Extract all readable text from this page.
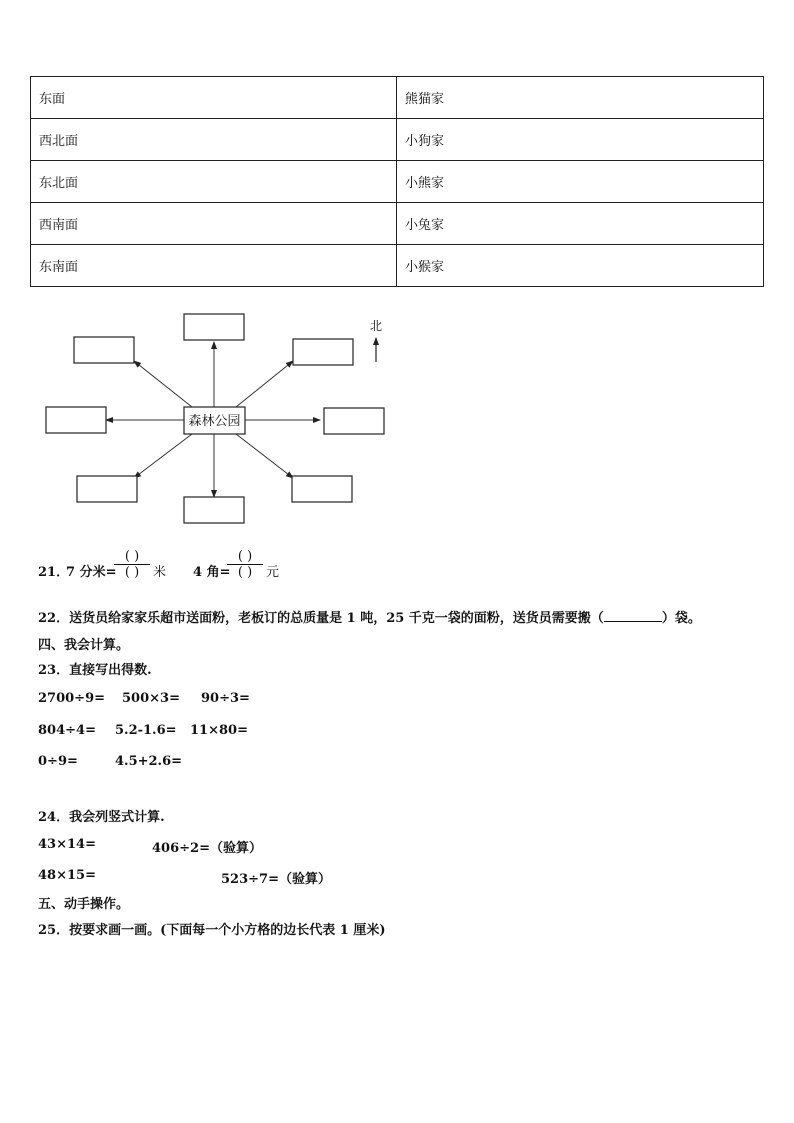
东面	熊猫家
西北面	小狗家
东北面	小熊家
西南面	小兔家
东南面	小猴家
森林公园
北
21．
7 分米=
( )
( )	米 4 角=
( )
( )	元
22．送货员给家家乐超市送面粉，老板订的总质量是 1 吨，25 千克一袋的面粉，送货员需要搬（	）袋。
四、我会计算。
23．直接写出得数.
2700÷9= 500×3= 90÷3=
804÷4= 5.2-1.6= 11×80=
0÷9=	4.5+2.6=
24．我会列竖式计算.
43×14=	406÷2=（验算）
48×15=	523÷7=（验算）
五、动手操作。
25．按要求画一画。(下面每一个小方格的边长代表 1 厘米)
